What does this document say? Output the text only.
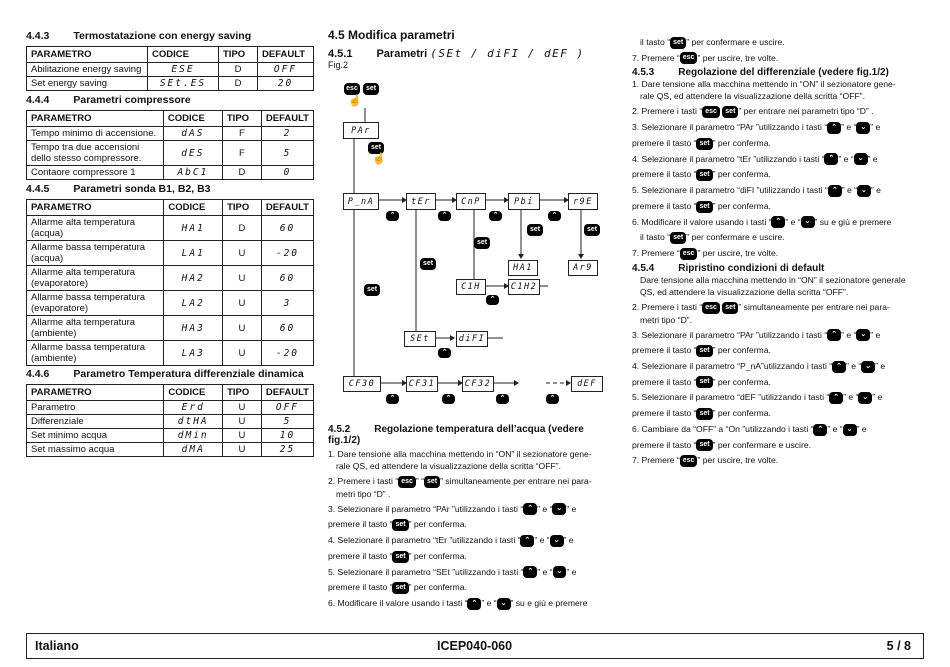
4.4.3 Termostatazione con energy saving
PARAMETRO	CODICE	TIPO	DEFAULT
Abilitazione energy saving	ESE	D	OFF
Set energy saving	SEt.ES	D	20
4.4.4 Parametri compressore
PARAMETRO	CODICE	TIPO	DEFAULT
Tempo minimo di accensione.	dAS	F	2
Tempo tra due accensioni dello stesso compressore.	dES	F	5
Contaore compressore 1	AbC1	D	0
4.4.5 Parametri sonda B1, B2, B3
PARAMETRO	CODICE	TIPO	DEFAULT
Allarme alta temperatura (acqua)	HA1	D	60
Allarme bassa temperatura (acqua)	LA1	U	-20
Allarme alta temperatura (evaporatore)	HA2	U	60
Allarme bassa temperatura (evaporatore)	LA2	U	3
Allarme alta temperatura (ambiente)	HA3	U	60
Allarme bassa temperatura (ambiente)	LA3	U	-20
4.4.6 Parametro Temperatura differenziale dinamica
PARAMETRO	CODICE	TIPO	DEFAULT
Parametro	Erd	U	OFF
Differenziale	dtHA	U	5
Set minimo acqua	dMin	U	10
Set massimo acqua	dMA	U	25
4.5 Modifica parametri
4.5.1 Parametri (SEt / diFI / dEF )
Fig.2
esc	set
☝
PAr
set
☝
P_nA	tEr	CnP	Pbi	r9E
⌃	⌃	⌃	⌃
set
set
set	set
HA1	Ar9
C1H	C1H2
⌃
set
SEt	diFI
⌃
CF30	CF31	CF32	dEF
⌃	⌃	⌃	⌃
4.5.2 Regolazione temperatura dell’acqua (vedere
fig.1/2)
1. Dare tensione alla macchina mettendo in “ON” il sezionatore gene-
rale QS, ed attendere la visualizzazione della scritta “OFF”.
2. Premere i tasti “ esc ” “ set ” simultaneamente per entrare nei para-
metri tipo “D” .
3. Selezionare il parametro “PAr ”utilizzando i tasti “ ⌃ ” e “ ⌄ ” e
premere il tasto “ set ” per conferma.
4. Selezionare il parametro “tEr ”utilizzando i tasti “ ⌃ ” e “ ⌄ ” e
premere il tasto “ set ” per conferma.
5. Selezionare il parametro “SEt ”utilizzando i tasti “ ⌃ ” e “ ⌄ ” e
premere il tasto “ set ” per conferma.
6. Modificare il valore usando i tasti “ ⌃ ” e “ ⌄ ” su e giù e premere
il tasto “ set ” per confermare e uscire.
7. Premere “ esc ” per uscire, tre volte.
4.5.3 Regolazione del differenziale (vedere fig.1/2)
1. Dare tensione alla macchina mettendo in “ON” il sezionatore gene-
rale QS, ed attendere la visualizzazione della scritta “OFF”.
2. Premere i tasti “ esc set ” per entrare nei parametri tipo “D” .
3. Selezionare il parametro “PAr ”utilizzando i tasti “ ⌃ ” e “ ⌄ ” e
premere il tasto “ set ” per conferma.
4. Selezionare il parametro “tEr ”utilizzando i tasti “ ⌃ ” e “ ⌄ ” e
premere il tasto “ set ” per conferma.
5. Selezionare il parametro “diFI ”utilizzando i tasti “ ⌃ ” e “ ⌄ ” e
premere il tasto “ set ” per conferma.
6. Modificare il valore usando i tasti “ ⌃ ” e “ ⌄ ” su e giù e premere
il tasto “ set ” per confermare e uscire.
7. Premere “ esc ” per uscire, tre volte.
4.5.4 Ripristino condizioni di default
Dare tensione alla macchina mettendo in “ON” il sezionatore generale
QS, ed attendere la visualizzazione della scritta “OFF”.
2. Premere i tasti “ esc set ” simultaneamente per entrare nei para-
metri tipo “D”.
3. Selezionare il parametro “PAr ”utilizzando i tasti “ ⌃ ” e “ ⌄ ” e
premere il tasto “ set ” per conferma.
4. Selezionare il parametro “P_nA”utilizzando i tasti “ ⌃ ” e “ ⌄ ” e
premere il tasto “ set ” per conferma.
5. Selezionare il parametro “dEF ”utilizzando i tasti “ ⌃ ” e “ ⌄ ” e
premere il tasto “ set ” per conferma.
6. Cambiare da “OFF” a “On ”utilizzando i tasti “ ⌃ ” e “ ⌄ ” e
premere il tasto “ set ” per confermare e uscire.
7. Premere “ esc ” per uscire, tre volte.
Italiano	ICEP040-060	5 / 8
